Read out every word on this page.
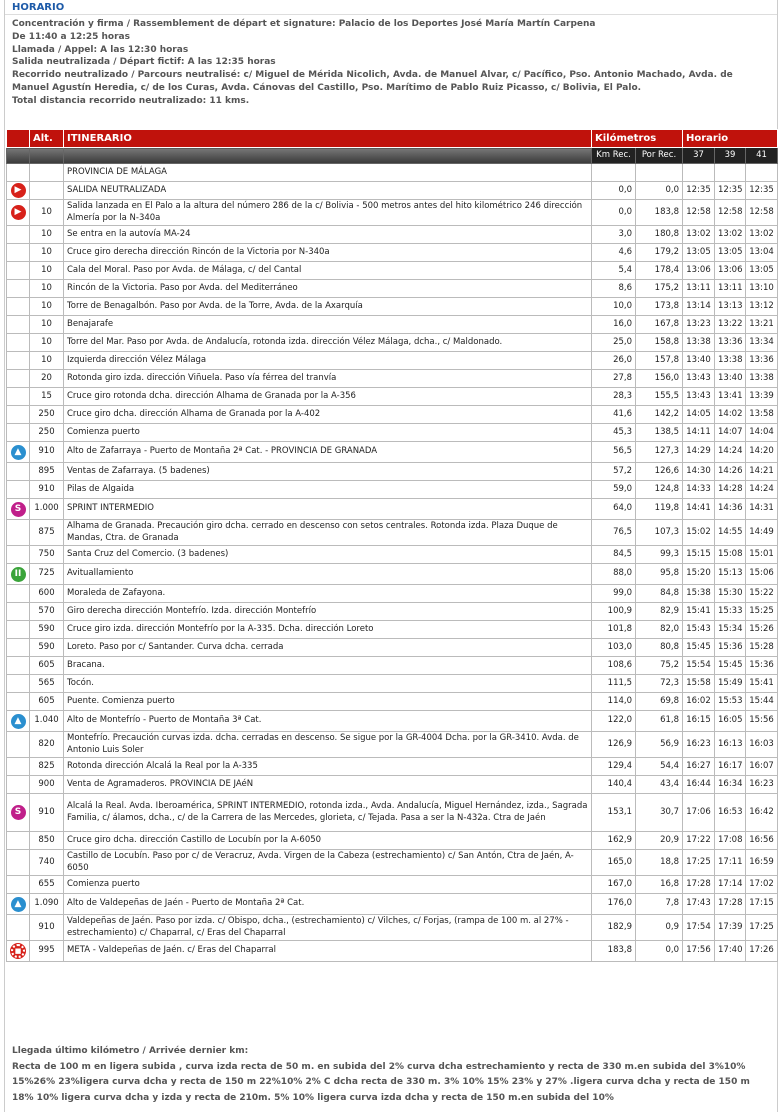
HORARIO
Concentración y firma / Rassemblement de départ et signature: Palacio de los Deportes José María Martín Carpena
De 11:40 a 12:25 horas
Llamada / Appel: A las 12:30 horas
Salida neutralizada / Départ fictif: A las 12:35 horas
Recorrido neutralizado / Parcours neutralisé: c/ Miguel de Mérida Nicolich, Avda. de Manuel Alvar, c/ Pacífico, Pso. Antonio Machado, Avda. de Manuel Agustín Heredia, c/ de los Curas, Avda. Cánovas del Castillo, Pso. Marítimo de Pablo Ruiz Picasso, c/ Bolivia, El Palo.
Total distancia recorrido neutralizado: 11 kms.
	Alt.	ITINERARIO	Kilómetros		Horario		
			Km Rec.	Por Rec.	37	39	41
		PROVINCIA DE MÁLAGA					
▶		SALIDA NEUTRALIZADA	0,0	0,0	12:35	12:35	12:35
▶	10	Salida lanzada en El Palo a la altura del número 286 de la c/ Bolivia - 500 metros antes del hito kilométrico 246 dirección Almería por la N-340a	0,0	183,8	12:58	12:58	12:58
	10	Se entra en la autovía MA-24	3,0	180,8	13:02	13:02	13:02
	10	Cruce giro derecha dirección Rincón de la Victoria por N-340a	4,6	179,2	13:05	13:05	13:04
	10	Cala del Moral. Paso por Avda. de Málaga, c/ del Cantal	5,4	178,4	13:06	13:06	13:05
	10	Rincón de la Victoria. Paso por Avda. del Mediterráneo	8,6	175,2	13:11	13:11	13:10
	10	Torre de Benagalbón. Paso por Avda. de la Torre, Avda. de la Axarquía	10,0	173,8	13:14	13:13	13:12
	10	Benajarafe	16,0	167,8	13:23	13:22	13:21
	10	Torre del Mar. Paso por Avda. de Andalucía, rotonda izda. dirección Vélez Málaga, dcha., c/ Maldonado.	25,0	158,8	13:38	13:36	13:34
	10	Izquierda dirección Vélez Málaga	26,0	157,8	13:40	13:38	13:36
	20	Rotonda giro izda. dirección Viñuela. Paso vía férrea del tranvía	27,8	156,0	13:43	13:40	13:38
	15	Cruce giro rotonda dcha. dirección Alhama de Granada por la A-356	28,3	155,5	13:43	13:41	13:39
	250	Cruce giro dcha. dirección Alhama de Granada por la A-402	41,6	142,2	14:05	14:02	13:58
	250	Comienza puerto	45,3	138,5	14:11	14:07	14:04
▲	910	Alto de Zafarraya - Puerto de Montaña 2ª Cat. - PROVINCIA DE GRANADA	56,5	127,3	14:29	14:24	14:20
	895	Ventas de Zafarraya. (5 badenes)	57,2	126,6	14:30	14:26	14:21
	910	Pilas de Algaida	59,0	124,8	14:33	14:28	14:24
S	1.000	SPRINT INTERMEDIO	64,0	119,8	14:41	14:36	14:31
	875	Alhama de Granada. Precaución giro dcha. cerrado en descenso con setos centrales. Rotonda izda. Plaza Duque de Mandas, Ctra. de Granada	76,5	107,3	15:02	14:55	14:49
	750	Santa Cruz del Comercio. (3 badenes)	84,5	99,3	15:15	15:08	15:01
II	725	Avituallamiento	88,0	95,8	15:20	15:13	15:06
	600	Moraleda de Zafayona.	99,0	84,8	15:38	15:30	15:22
	570	Giro derecha dirección Montefrío. Izda. dirección Montefrío	100,9	82,9	15:41	15:33	15:25
	590	Cruce giro izda. dirección Montefrío por la A-335. Dcha. dirección Loreto	101,8	82,0	15:43	15:34	15:26
	590	Loreto. Paso por c/ Santander. Curva dcha. cerrada	103,0	80,8	15:45	15:36	15:28
	605	Bracana.	108,6	75,2	15:54	15:45	15:36
	565	Tocón.	111,5	72,3	15:58	15:49	15:41
	605	Puente. Comienza puerto	114,0	69,8	16:02	15:53	15:44
▲	1.040	Alto de Montefrío - Puerto de Montaña 3ª Cat.	122,0	61,8	16:15	16:05	15:56
	820	Montefrío. Precaución curvas izda. dcha. cerradas en descenso. Se sigue por la GR-4004 Dcha. por la GR-3410. Avda. de Antonio Luis Soler	126,9	56,9	16:23	16:13	16:03
	825	Rotonda dirección Alcalá la Real por la A-335	129,4	54,4	16:27	16:17	16:07
	900	Venta de Agramaderos. PROVINCIA DE JAéN	140,4	43,4	16:44	16:34	16:23
S	910	Alcalá la Real. Avda. Iberoamérica, SPRINT INTERMEDIO, rotonda izda., Avda. Andalucía, Miguel Hernández, izda., Sagrada Familia, c/ álamos, dcha., c/ de la Carrera de las Mercedes, glorieta, c/ Tejada. Pasa a ser la N-432a. Ctra de Jaén	153,1	30,7	17:06	16:53	16:42
	850	Cruce giro dcha. dirección Castillo de Locubín por la A-6050	162,9	20,9	17:22	17:08	16:56
	740	Castillo de Locubín. Paso por c/ de Veracruz, Avda. Virgen de la Cabeza (estrechamiento) c/ San Antón, Ctra de Jaén, A-6050	165,0	18,8	17:25	17:11	16:59
	655	Comienza puerto	167,0	16,8	17:28	17:14	17:02
▲	1.090	Alto de Valdepeñas de Jaén - Puerto de Montaña 2ª Cat.	176,0	7,8	17:43	17:28	17:15
	910	Valdepeñas de Jaén. Paso por izda. c/ Obispo, dcha., (estrechamiento) c/ Vilches, c/ Forjas, (rampa de 100 m. al 27% - estrechamiento) c/ Chaparral, c/ Eras del Chaparral	182,9	0,9	17:54	17:39	17:25
■	995	META - Valdepeñas de Jaén. c/ Eras del Chaparral	183,8	0,0	17:56	17:40	17:26
Llegada último kilómetro / Arrivée dernier km:
Recta de 100 m en ligera subida , curva izda recta de 50 m. en subida del 2% curva dcha estrechamiento y recta de 330 m.en subida del 3%10% 15%26% 23%ligera curva dcha y recta de 150 m 22%10% 2% C dcha recta de 330 m. 3% 10% 15% 23% y 27% .ligera curva dcha y recta de 150 m 18% 10% ligera curva dcha y izda y recta de 210m. 5% 10% ligera curva izda dcha y recta de 150 m.en subida del 10%
